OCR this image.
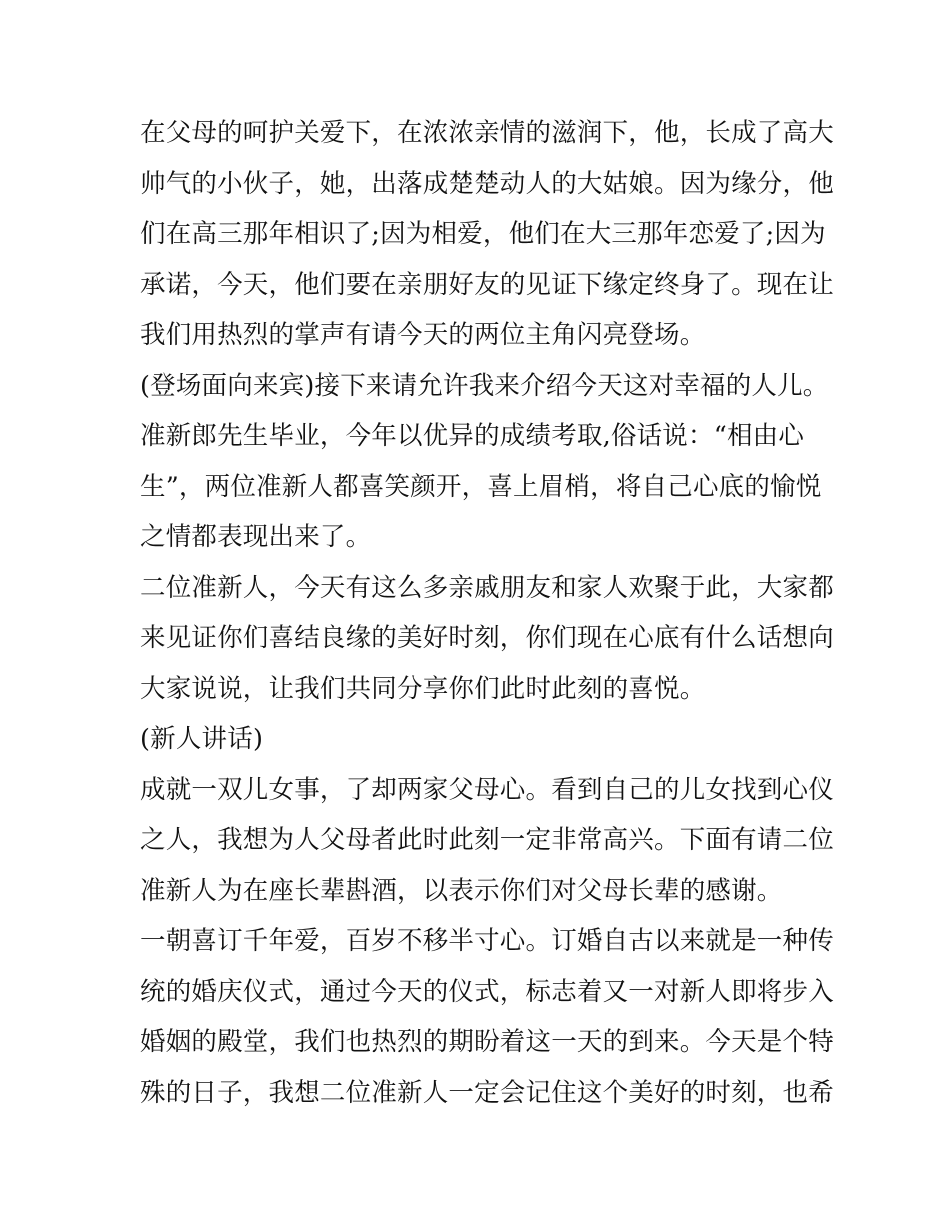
在父母的呵护关爱下，在浓浓亲情的滋润下，他，长成了高大
帅气的小伙子，她，出落成楚楚动人的大姑娘。因为缘分，他
们在高三那年相识了;因为相爱，他们在大三那年恋爱了;因为
承诺，今天，他们要在亲朋好友的见证下缘定终身了。现在让
我们用热烈的掌声有请今天的两位主角闪亮登场。
(登场面向来宾)接下来请允许我来介绍今天这对幸福的人儿。
准新郎先生毕业，今年以优异的成绩考取,俗话说：“相由心
生”，两位准新人都喜笑颜开，喜上眉梢，将自己心底的愉悦
之情都表现出来了。
二位准新人，今天有这么多亲戚朋友和家人欢聚于此，大家都
来见证你们喜结良缘的美好时刻，你们现在心底有什么话想向
大家说说，让我们共同分享你们此时此刻的喜悦。
(新人讲话)
成就一双儿女事，了却两家父母心。看到自己的儿女找到心仪
之人，我想为人父母者此时此刻一定非常高兴。下面有请二位
准新人为在座长辈斟酒，以表示你们对父母长辈的感谢。
一朝喜订千年爱，百岁不移半寸心。订婚自古以来就是一种传
统的婚庆仪式，通过今天的仪式，标志着又一对新人即将步入
婚姻的殿堂，我们也热烈的期盼着这一天的到来。今天是个特
殊的日子，我想二位准新人一定会记住这个美好的时刻，也希
